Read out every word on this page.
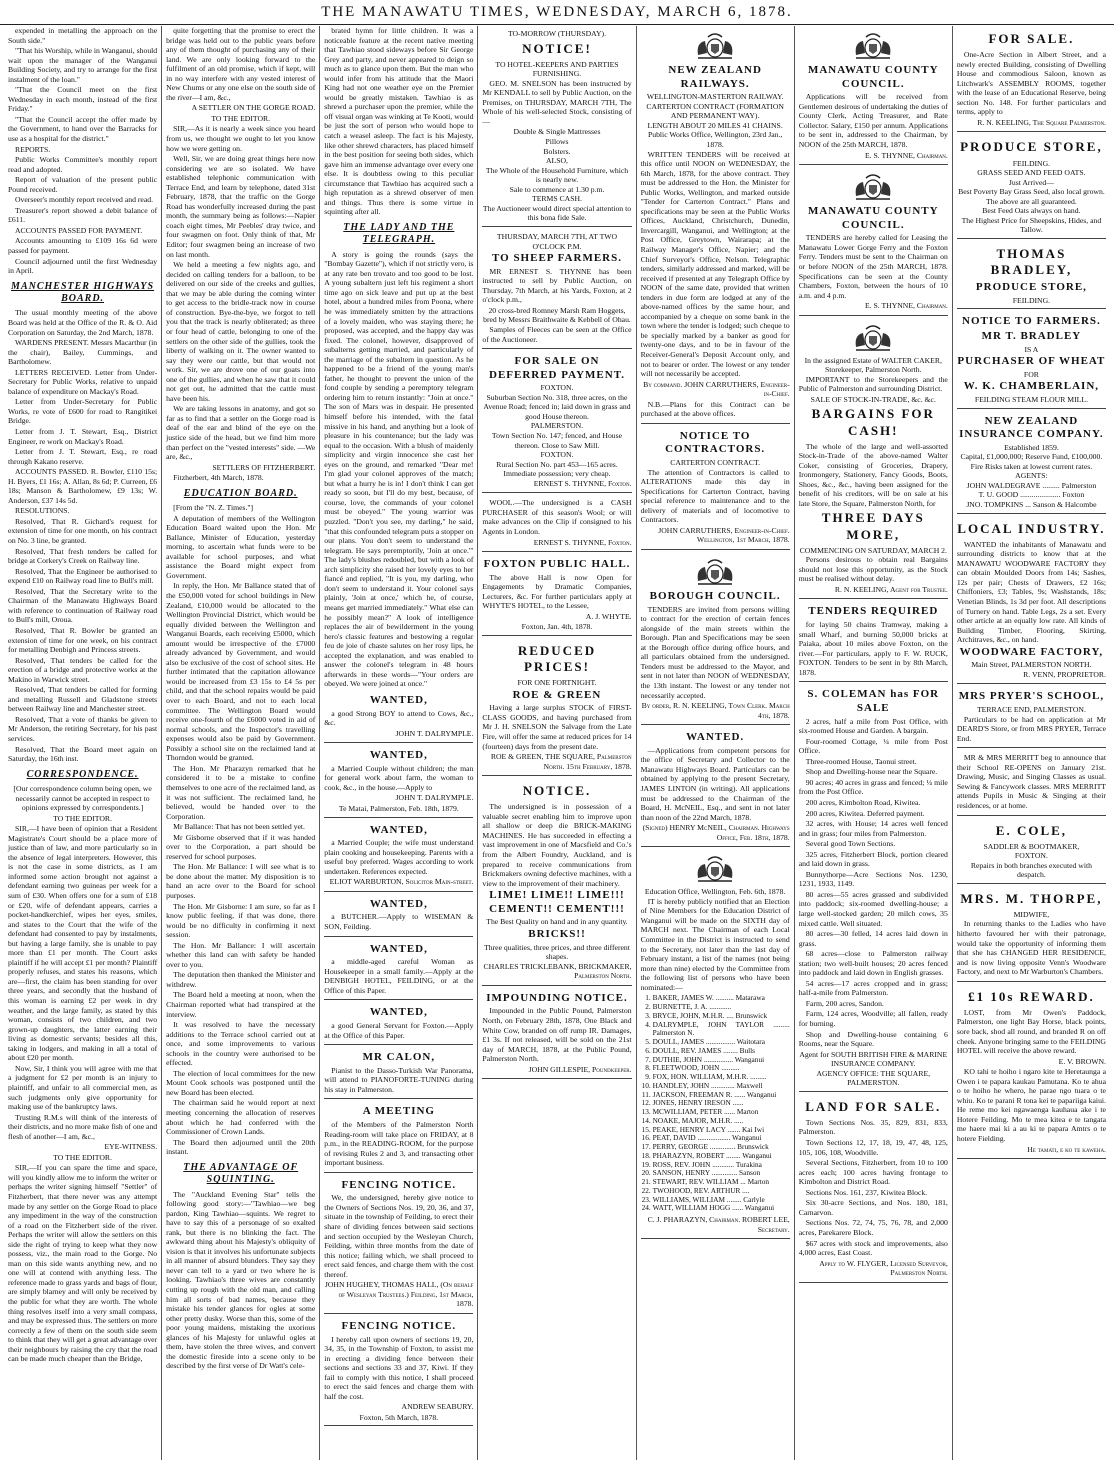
THE MANAWATU TIMES, WEDNESDAY, MARCH 6, 1878.

expended in metalling the approach on the South side."

"That his Worship, while in Wanganui, should wait upon the manager of the Wanganui Building Society, and try to arrange for the first instalment of the loan."

"That the Council meet on the first Wednesday in each month, instead of the first Friday."

"That the Council accept the offer made by the Government, to hand over the Barracks for use as a hospital for the district."

REPORTS.

Public Works Committee's monthly report read and adopted.

Report of valuation of the present public Pound received.

Overseer's monthly report received and read.

Treasurer's report showed a debit balance of £611.

ACCOUNTS PASSED FOR PAYMENT.

Accounts amounting to £109 16s 6d were passed for payment.

Council adjourned until the first Wednesday in April.

MANCHESTER HIGHWAYS BOARD.

The usual monthly meeting of the above Board was held at the Office of the R. & O. Aid Corporation on Saturday, the 2nd March, 1878.

WARDENS PRESENT. Messrs Macarthur (in the chair), Bailey, Cummings, and Bartholomew.

LETTERS RECEIVED. Letter from Under-Secretary for Public Works, relative to unpaid balance of expenditure on Mackay's Road.

Letter from Under-Secretary for Public Works, re vote of £600 for road to Rangitikei Bridge.

Letter from J. T. Stewart, Esq., District Engineer, re work on Mackay's Road.

Letter from J. T. Stewart, Esq., re road through Kakano reserve.

ACCOUNTS PASSED. R. Bowler, £110 15s; H. Byers, £1 16s; A. Allan, 8s 6d; P. Curreen, £6 18s; Manson & Bartholomew, £9 13s; W. Anderson, £37 14s 5d.

RESOLUTIONS.

Resolved, That R. Gichard's request for extension of time for one month, on his contract on No. 3 line, be granted.

Resolved, That fresh tenders be called for bridge at Corkery's Creek on Railway line.

Resolved, That the Engineer be authorised to expend £10 on Railway road line to Bull's mill.

Resolved, That the Secretary write to the Chairman of the Manawatu Highways Board with reference to continuation of Railway road to Bull's mill, Oroua.

Resolved, That R. Bowler be granted an extension of time for one week, on his contract for metalling Denbigh and Princess streets.

Resolved, That tenders be called for the erection of a bridge and protective works at the Makino in Warwick street.

Resolved, That tenders be called for forming and metalling Russell and Gladstone streets between Railway line and Manchester street.

Resolved, That a vote of thanks be given to Mr Anderson, the retiring Secretary, for his past services.

Resolved, That the Board meet again on Saturday, the 16th inst.

CORRESPONDENCE.

[Our correspondence column being open, we necessarily cannot be accepted in respect to opinions expressed by correspondents.]

TO THE EDITOR.

SIR,—I have been of opinion that a Resident Magistrate's Court should be a place more of justice than of law, and more particularly so in the absence of legal interpreters. However, this is not the case in some districts, as I am informed some action brought not against a defendant earning two guineas per week for a sum of £30. When offers one for a sum of £18 or £20, wife of defendant appears, carries a pocket-handkerchief, wipes her eyes, smiles, and states to the Court that the wife of the defendant had consented to pay by instalments, but having a large family, she is unable to pay more than £1 per month. The Court asks plaintiff if he will accept £1 per month? Plaintiff properly refuses, and states his reasons, which are—first, the claim has been standing for over three years, and secondly that the husband of this woman is earning £2 per week in dry weather, and the large family, as stated by this woman, consists of two children, and two grown-up daughters, the latter earning their living as domestic servants; besides all this, taking in lodgers, and making in all a total of about £20 per month.

Now, Sir, I think you will agree with me that a judgment for £2 per month is an injury to plaintiff, and unfair to all commercial men, as such judgments only give opportunity for making use of the bankruptcy laws.

Trusting R.M.s will think of the interests of their districts, and no more make fish of one and flesh of another—I am, &c.,

EYE-WITNESS.

TO THE EDITOR.

SIR,—If you can spare the time and space, will you kindly allow me to inform the writer or perhaps the writer signing himself "Settler" of Fitzherbert, that there never was any attempt made by any settler on the Gorge Road to place any impediment in the way of the construction of a road on the Fitzherbert side of the river. Perhaps the writer will allow the settlers on this side the right of trying to keep what they now possess, viz., the main road to the Gorge. No man on this side wants anything new, and no one will at contend with anything less. The reference made to grass yards and bags of flour, are simply blarney and will only be received by the public for what they are worth. The whole thing resolves itself into a very small compass, and may be expressed thus. The settlers on more correctly a few of them on the south side seem to think that they will get a great advantage over their neighbours by raising the cry that the road can be made much cheaper than the Bridge,

quite forgetting that the promise to erect the bridge was held out to the public years before any of them thought of purchasing any of their land. We are only looking forward to the fulfilment of an old promise, which if kept, will in no way interfere with any vested interest of New Chums or any one else on the south side of the river—I am, &c.,

A SETTLER ON THE GORGE ROAD.

TO THE EDITOR.

SIR,—As it is nearly a week since you heard from us, we thought we ought to let you know how we were getting on.

Well, Sir, we are doing great things here now considering we are so isolated. We have established telephonic communication with Terrace End, and learn by telephone, dated 31st February, 1878, that the traffic on the Gorge Road has wonderfully increased during the past month, the summary being as follows:—Napier coach eight times, Mr Peebles' dray twice, and four swagmen on foot. Only think of that, Mr Editor; four swagmen being an increase of two on last month.

We held a meeting a few nights ago, and decided on calling tenders for a balloon, to be delivered on our side of the creeks and gullies, that we may be able during the coming winter to get access to the bridle-track now in course of construction. Bye-the-bye, we forgot to tell you that the track is nearly obliterated; as three or four head of cattle, belonging to one of the settlers on the other side of the gullies, took the liberty of walking on it. The owner wanted to say they were our cattle, but that would not work. Sir, we are drove one of our goats into one of the gullies, and when he saw that it could not get out, he admitted that the cattle must have been his.

We are taking lessons in anatomy, and got so far as to find that a settler on the Gorge road is deaf of the ear and blind of the eye on the justice side of the head, but we find him more than perfect on the "vested interests" side. —We are, &c.,

SETTLERS OF FITZHERBERT.

Fitzherbert, 4th March, 1878.

EDUCATION BOARD.

[From the "N. Z. Times."]

A deputation of members of the Wellington Education Board waited upon the Hon. Mr Ballance, Minister of Education, yesterday morning, to ascertain what funds were to be available for school purposes, and what assistance the Board might expect from Government.

In reply, the Hon. Mr Ballance stated that of the £50,000 voted for school buildings in New Zealand, £10,000 would be allocated to the Wellington Provincial District, which would be equally divided between the Wellington and Wanganui Boards, each receiving £5000, which amount would be irrespective of the £7000 already advanced by Government, and would also be exclusive of the cost of school sites. He further intimated that the capitation allowance would be increased from £3 15s to £4 5s per child, and that the school repairs would be paid over to each Board, and not to each local committee. The Wellington Board would receive one-fourth of the £6000 voted in aid of normal schools, and the Inspector's travelling expenses would also be paid by Government. Possibly a school site on the reclaimed land at Thorndon would be granted.

The Hon. Mr Pharazyn remarked that he considered it to be a mistake to confine themselves to one acre of the reclaimed land, as it was not sufficient. The reclaimed land, he believed, would be handed over to the Corporation.

Mr Ballance: That has not been settled yet.

Mr Gisborne observed that if it was handed over to the Corporation, a part should be reserved for school purposes.

The Hon. Mr Ballance: I will see what is to be done about the matter. My disposition is to hand an acre over to the Board for school purposes.

The Hon. Mr Gisborne: I am sure, so far as I know public feeling, if that was done, there would be no difficulty in confirming it next session.

The Hon. Mr Ballance: I will ascertain whether this land can with safety be handed over to you.

The deputation then thanked the Minister and withdrew.

The Board held a meeting at noon, when the Chairman reported what had transpired at the interview.

It was resolved to have the necessary additions to the Terrace school carried out at once, and some improvements to various schools in the country were authorised to be effected.

The election of local committees for the new Mount Cook schools was postponed until the new Board has been elected.

The chairman said he would report at next meeting concerning the allocation of reserves about which he had conferred with the Commissioner of Crown Lands.

The Board then adjourned until the 20th instant.

THE ADVANTAGE OF SQUINTING.

The "Auckland Evening Star" tells the following good story:—"Tawhiao—we beg pardon, King Tawhiao—squints. We regret to have to say this of a personage of so exalted rank, but there is no blinking the fact. The awkward thing about his Majesty's obliquity of vision is that it involves his unfortunate subjects in all manner of absurd blunders. They say they never can tell to a yard or two where he is looking. Tawhiao's three wives are constantly cutting up rough with the old man, and calling him all sorts of bad names, because they mistake his tender glances for ogles at some other pretty dusky. Worse than this, some of the poor young maidens, mistaking the uxorious glances of his Majesty for unlawful ogles at them, have stolen the three wives, and convert the domestic fireside into a scene only to be described by the first verse of Dr Watt's cele-

brated hymn for little children. It was a noticeable feature at the recent native meeting that Tawhiao stood sideways before Sir George Grey and party, and never appeared to deign so much as to glance upon them. But the man who would infer from his attitude that the Maori King had not one weather eye on the Premier would be greatly mistaken. Tawhiao is as shrewd a purchaser upon the premier, while the off visual organ was winking at Te Kooti, would be just the sort of person who would hope to catch a weasel asleep. The fact is his Majesty, like other shrewd characters, has placed himself in the best position for seeing both sides, which gave him an immense advantage over every one else. It is doubtless owing to this peculiar circumstance that Tawhiao has acquired such a high reputation as a shrewd observer of men and things. Thus there is some virtue in squinting after all.

THE LADY AND THE TELEGRAPH.

A story is going the rounds (says the "Bombay Gazette"), which if not strictly vero, is at any rate ben trovato and too good to be lost. A young subaltern just left his regiment a short time ago on sick leave and put up at the best hotel, about a hundred miles from Poona, where he was immediately smitten by the attractions of a lovely maiden, who was staying there; he proposed, was accepted, and the happy day was fixed. The colonel, however, disapproved of subalterns getting married, and particularly of the marriage of the subaltern in question. As he happened to be a friend of the young man's father, he thought to prevent the union of the fond couple by sending a peremptory telegram ordering him to return instantly: "Join at once." The son of Mars was in despair. He presented himself before his intended, with the fatal missive in his hand, and anything but a look of pleasure in his countenance; but the lady was equal to the occasion. With a blush of maidenly simplicity and virgin innocence she cast her eyes on the ground, and remarked "Dear me! I'm glad your colonel approves of the match; but what a hurry he is in! I don't think I can get ready so soon, but I'll do my best, because, of course, love, the commands of your colonel must be obeyed." The young warrior was puzzled. "Don't you see, my darling," he said, "that this confounded telegram puts a stopper on our plans. You don't seem to understand the telegram. He says peremptorily, 'Join at once.'" The lady's blushes redoubled, but with a look of arch simplicity she raised her lovely eyes to her fiancé and replied, "It is you, my darling, who don't seem to understand it. Your colonel says plainly, 'Join at once,' which he, of course, means get married immediately." What else can he possibly mean?" A look of intelligence replaces the air of bewilderment in the young hero's classic features and bestowing a regular feu de joie of chaste salutes on her rosy lips, he accepted the explanation, and was enabled to answer the colonel's telegram in 48 hours afterwards in these words—"Your orders are obeyed. We were joined at once."

WANTED,

a good Strong BOY to attend to Cows, &c., &c.

JOHN T. DALRYMPLE.

WANTED,

a Married Couple without children; the man for general work about farm, the woman to cook, &c., in the house.—Apply to

JOHN T. DALRYMPLE.

Te Matai, Palmerston, Feb. 18th, 1879.

WANTED,

a Married Couple; the wife must understand plain cooking and housekeeping. Parents with a useful boy preferred. Wages according to work undertaken. References expected.

ELIOT WARBURTON, Solicitor Main-street.

WANTED,

a BUTCHER.—Apply to WISEMAN & SON, Feilding.

WANTED,

a middle-aged careful Woman as Housekeeper in a small family.—Apply at the DENBIGH HOTEL, FEILDING, or at the Office of this Paper.

WANTED,

a good General Servant for Foxton.—Apply at the Office of this Paper.

MR CALON,

Pianist to the Dasso-Turkish War Panorama, will attend to PIANOFORTE-TUNING during his stay in Palmerston.

A MEETING

of the Members of the Palmerston North Reading-room will take place on FRIDAY, at 8 p.m., in the READING-ROOM, for the purpose of revising Rules 2 and 3, and transacting other important business.

FENCING NOTICE.

We, the undersigned, hereby give notice to the Owners of Sections Nos. 19, 20, 36, and 37, situate in the township of Feilding, to erect their share of dividing fences between said sections and section occupied by the Wesleyan Church, Feilding, within three months from the date of this notice; failing which, we shall proceed to erect said fences, and charge them with the cost thereof.

JOHN HUGHEY, THOMAS HALL, (On behalf of Wesleyan Trustees.) Feilding, 1st March, 1878.

FENCING NOTICE.

I hereby call upon owners of sections 19, 20, 34, 35, in the Township of Foxton, to assist me in erecting a dividing fence between their sections and sections 33 and 37, Kiwi. If they fail to comply with this notice, I shall proceed to erect the said fences and charge them with half the cost.

ANDREW SEABURY.

Foxton, 5th March, 1878.

TO-MORROW (THURSDAY).

NOTICE!

TO HOTEL-KEEPERS AND PARTIES FURNISHING.

GEO. M. SNELSON has been instructed by Mr KENDALL to sell by Public Auction, on the Premises, on THURSDAY, MARCH 7TH, The Whole of his well-selected Stock, consisting of—

Double & Single Mattresses

Pillows

Bolsters.

ALSO,

The Whole of the Household Furniture, which is nearly new.

Sale to commence at 1.30 p.m.

TERMS CASH.

The Auctioneer would direct special attention to this bona fide Sale.

THURSDAY, MARCH 7TH, AT TWO O'CLOCK P.M.

TO SHEEP FARMERS.

MR ERNEST S. THYNNE has been instructed to sell by Public Auction, on Thursday, 7th March, at his Yards, Foxton, at 2 o'clock p.m.,

20 cross-bred Romney Marsh Ram Hoggets, bred by Messrs Braithwaite & Kebbell of Ohau.

Samples of Fleeces can be seen at the Office of the Auctioneer.

FOR SALE ON DEFERRED PAYMENT.

FOXTON.

Suburban Section No. 318, three acres, on the Avenue Road; fenced in; laid down in grass and good House thereon.

PALMERSTON.

Town Section No. 147; fenced, and House thereon. Close to Saw Mill.

FOXTON.

Rural Section No. part 453—165 acres. Immediate possession; very cheap.

ERNEST S. THYNNE, Foxton.

WOOL.—The undersigned is a CASH PURCHASER of this season's Wool; or will make advances on the Clip if consigned to his Agents in London.

ERNEST S. THYNNE, Foxton.

FOXTON PUBLIC HALL.

The above Hall is now Open for Engagements by Dramatic Companies, Lecturers, &c. For further particulars apply at WHYTE'S HOTEL, to the Lessee,

A. J. WHYTE.

Foxton, Jan. 4th, 1878.

REDUCED PRICES!

FOR ONE FORTNIGHT.

ROE & GREEN

Having a large surplus STOCK of FIRST-CLASS GOODS, and having purchased from Mr J. H. SNELSON the Salvage from the Late Fire, will offer the same at reduced prices for 14 (fourteen) days from the present date.

ROE & GREEN, THE SQUARE, Palmerston North. 15th February, 1878.

NOTICE.

The undersigned is in possession of a valuable secret enabling him to improve upon all shallow or deep die BRICK-MAKING MACHINES. He has succeeded in effecting a vast improvement in one of Macsfield and Co.'s from the Albert Foundry, Auckland, and is prepared to receive communications from Brickmakers owning defective machines, with a view to the improvement of their machinery.

LIME! LIME!! LIME!!! CEMENT!! CEMENT!!!

The Best Quality on hand and in any quantity.

BRICKS!!

Three qualities, three prices, and three different shapes.

CHARLES TRICKLEBANK, BRICKMAKER, Palmerston North.

IMPOUNDING NOTICE.

Impounded in the Public Pound, Palmerston North, on February 28th, 1878, One Black and White Cow, branded on off rump IR. Damages, £1 3s. If not released, will be sold on the 21st day of MARCH, 1878, at the Public Pound, Palmerston North.

JOHN GILLESPIE, Poundkeeper.

NEW ZEALAND RAILWAYS.

WELLINGTON-MASTERTON RAILWAY.

CARTERTON CONTRACT (FORMATION AND PERMANENT WAY).

LENGTH ABOUT 20 MILES 41 CHAINS.

Public Works Office, Wellington, 23rd Jan., 1878.

WRITTEN TENDERS will be received at this office until NOON on WEDNESDAY, the 6th March, 1878, for the above contract. They must be addressed to the Hon. the Minister for Public Works, Wellington, and marked outside "Tender for Carterton Contract." Plans and specifications may be seen at the Public Works Offices, Auckland, Christchurch, Dunedin, Invercargill, Wanganui, and Wellington; at the Post Office, Greytown, Wairarapa; at the Railway Manager's Office, Napier; and the Chief Surveyor's Office, Nelson. Telegraphic tenders, similarly addressed and marked, will be received if presented at any Telegraph Office by NOON of the same date, provided that written tenders in due form are lodged at any of the above-named offices by the same hour, and accompanied by a cheque on some bank in the town where the tender is lodged; such cheque to be specially marked by a banker as good for twenty-one days, and to be in favour of the Receiver-General's Deposit Account only, and not to bearer or order. The lowest or any tender will not necessarily be accepted.

By command. JOHN CARRUTHERS, Engineer-in-Chief.

N.B.—Plans for this Contract can be purchased at the above offices.

NOTICE TO CONTRACTORS.

CARTERTON CONTRACT.

The attention of Contractors is called to ALTERATIONS made this day in Specifications for Carterton Contract, having special reference to maintenance and to the delivery of materials and of locomotive to Contractors.

JOHN CARRUTHERS, Engineer-in-Chief. Wellington, 1st March, 1878.

BOROUGH COUNCIL.

TENDERS are invited from persons willing to contract for the erection of certain fences alongside of the main streets within the Borough. Plan and Specifications may be seen at the Borough office during office hours, and all particulars obtained from the undersigned. Tenders must be addressed to the Mayor, and sent in not later than NOON of WEDNESDAY, the 13th instant. The lowest or any tender not necessarily accepted.

By order, R. N. KEELING, Town Clerk. March 4th, 1878.

WANTED.

—Applications from competent persons for the office of Secretary and Collector to the Manawatu Highways Board. Particulars can be obtained by applying to the present Secretary, JAMES LINTON (in writing). All applications must be addressed to the Chairman of the Board, H. McNEIL, Esq., and sent in not later than noon of the 22nd March, 1878.

(Signed) HENRY McNEIL, Chairman. Highways Office, Feb. 18th, 1878.

Education Office, Wellington, Feb. 6th, 1878.

IT is hereby publicly notified that an Election of Nine Members for the Education District of Wanganui will be made on the SIXTH day of MARCH next. The Chairman of each Local Committee in the District is instructed to send to the Secretary, not later than the last day of February instant, a list of the names (not being more than nine) elected by the Committee from the following list of persons who have been nominated:—

1. BAKER, JAMES W. .......... Matarawa
2. BURNETTE, J. A. ............
3. BRYCE, JOHN, M.H.R. .... Brunswick
4. DALRYMPLE, JOHN TAYLOR ......... Palmerston N.
5. DOULL, JAMES ................ Waitotara
6. DOULL, REV. JAMES ........ Bulls
7. DUTHIE, JOHN ................ Wanganui
8. FLEETWOOD, JOHN ..........
9. FOX, HON. WILLIAM, M.H.R. .........
10. HANDLEY, JOHN ............. Maxwell
11. JACKSON, FREEMAN R. ...... Wanganui
12. JONES, HENRY IRESON ......
13. MCWILLIAM, PETER ...... Marton
14. NOAKE, MAJOR, M.H.R. .....
15. PEAKE, HENRY LACY ....... Kai Iwi
16. PEAT, DAVID .................. Wanganui
17. PERRY, GEORGE .............. Brunswick
18. PHARAZYN, ROBERT ........ Wanganui
19. ROSS, REV. JOHN ............ Turakina
20. SANSON, HENRY .............. Sanson
21. STEWART, REV. WILLIAM ... Marton
22. TWOHOOD, REV. ARTHUR ....
23. WILLIAMS, WILLIAM ........ Carlyle
24. WATT, WILLIAM HOGG ...... Wanganui

C. J. PHARAZYN, Chairman. ROBERT LEE, Secretary.

MANAWATU COUNTY COUNCIL.

Applications will be received from Gentlemen desirous of undertaking the duties of County Clerk, Acting Treasurer, and Rate Collector. Salary, £150 per annum. Applications to be sent in, addressed to the Chairman, by NOON of the 25th MARCH, 1878.

E. S. THYNNE, Chairman.

MANAWATU COUNTY COUNCIL.

TENDERS are hereby called for Leasing the Manawatu Lower Gorge Ferry and the Foxton Ferry. Tenders must be sent to the Chairman on or before NOON of the 25th MARCH, 1878. Specifications can be seen at the County Chambers, Foxton, between the hours of 10 a.m. and 4 p.m.

E. S. THYNNE, Chairman.

In the assigned Estate of WALTER CAKER, Storekeeper, Palmerston North.

IMPORTANT to the Storekeepers and the Public of Palmerston and surrounding District.

SALE OF STOCK-IN-TRADE, &c. &c.

BARGAINS FOR CASH!

The whole of the large and well-assorted Stock-in-Trade of the above-named Walter Coker, consisting of Groceries, Drapery, Ironmongery, Stationery, Fancy Goods, Boots, Shoes, &c., &c., having been assigned for the benefit of his creditors, will be on sale at his late Store, the Square, Palmerston North, for

THREE DAYS MORE,

COMMENCING ON SATURDAY, MARCH 2.

Persons desirous to obtain real Bargains should not lose this opportunity, as the Stock must be realised without delay.

R. N. KEELING, Agent for Trustee.

TENDERS REQUIRED

for laying 50 chains Tramway, making a small Wharf, and burning 50,000 bricks at Paiaka, about 10 miles above Foxton, on the river.—For particulars, apply to F. W. RUCK, FOXTON. Tenders to be sent in by 8th March, 1878.

S. COLEMAN has FOR SALE

2 acres, half a mile from Post Office, with six-roomed House and Garden. A bargain.

Four-roomed Cottage, ¼ mile from Post Office.

Three-roomed House, Taonui street.

Shop and Dwelling-house near the Square.

90 acres; 40 acres in grass and fenced; ¼ mile from the Post Office.

200 acres, Kimbolton Road, Kiwitea.

200 acres, Kiwitea. Deferred payment.

32 acres, with House; 14 acres well fenced and in grass; four miles from Palmerston.

Several good Town Sections.

325 acres, Fitzherbert Block, portion cleared and laid down in grass.

Bunnythorpe—Acre Sections Nos. 1230, 1231, 1933, 1149.

80 acres—55 acres grassed and subdivided into paddock; six-roomed dwelling-house; a large well-stocked garden; 20 milch cows, 35 mixed cattle. Well situated.

80 acres—30 felled, 14 acres laid down in grass.

68 acres—close to Palmerston railway station; two well-built houses; 20 acres fenced into paddock and laid down in English grasses.

54 acres—17 acres cropped and in grass; half-a-mile from Palmerston.

Farm, 200 acres, Sandon.

Farm, 124 acres, Woodville; all fallen, ready for burning.

Shop and Dwelling-house containing 6 Rooms, near the Square.

Agent for SOUTH BRITISH FIRE & MARINE INSURANCE COMPANY.

AGENCY OFFICE: THE SQUARE, PALMERSTON.

LAND FOR SALE.

Town Sections Nos. 35, 829, 831, 833, Palmerston.

Town Sections 12, 17, 18, 19, 47, 48, 125, 105, 106, 108, Woodville.

Several Sections, Fitzherbert, from 10 to 100 acres each; 100 acres having frontage to Kimbolton and District Road.

Sections Nos. 161, 237, Kiwitea Block.

Six 30-acre Sections, and Nos. 180, 181, Carnarvon.

Sections Nos. 72, 74, 75, 76, 78, and 2,000 acres, Parekarere Block.

$67 acres with stock and improvements, also 4,000 acres, East Coast.

Apply to W. FLYGER, Licensed Surveyor, Palmerston North.

FOR SALE.

One-Acre Section in Albert Street, and a newly erected Building, consisting of Dwelling House and commodious Saloon, known as Litchwark's ASSEMBLY ROOMS, together with the lease of an Educational Reserve, being section No. 148. For further particulars and terms, apply to

R. N. KEELING, The Square Palmerston.

PRODUCE STORE,

FEILDING.

GRASS SEED AND FEED OATS.

Just Arrived—

Best Poverty Bay Grass Seed, also local grown.

The above are all guaranteed.

Best Feed Oats always on hand.

The Highest Price for Sheepskins, Hides, and Tallow.

THOMAS BRADLEY,
PRODUCE STORE,

FEILDING.

NOTICE TO FARMERS.
MR T. BRADLEY

IS A

PURCHASER OF WHEAT

FOR

W. K. CHAMBERLAIN,

FEILDING STEAM FLOUR MILL.

NEW ZEALAND INSURANCE COMPANY.

Established 1859.

Capital, £1,000,000; Reserve Fund, £100,000.

Fire Risks taken at lowest current rates.

AGENTS:

JOHN WALDEGRAVE ......... Palmerston

T. U. GOOD ..................... Foxton

JNO. TOMPKINS ... Sanson & Halcombe

LOCAL INDUSTRY.

WANTED the inhabitants of Manawatu and surrounding districts to know that at the MANAWATU WOODWARE FACTORY they can obtain Moulded Doors from 14s; Sashes, 12s per pair; Chests of Drawers, £2 16s; Chiffoniers, £3; Tables, 9s; Washstands, 18s; Venetian Blinds, 1s 3d per foot. All descriptions of Turnery on hand. Table Legs, 2s a set. Every other article at an equally low rate. All kinds of Building Timber, Flooring, Skirting, Architraves, &c., on hand.

WOODWARE FACTORY,

Main Street, PALMERSTON NORTH.

R. VENN, PROPRIETOR.

MRS PRYER'S SCHOOL,

TERRACE END, PALMERSTON.

Particulars to be had on application at Mr DEARD'S Store, or from MRS PRYER, Terrace End.

MR & MRS MERRITT beg to announce that their School RE-OPENS on January 21st. Drawing, Music, and Singing Classes as usual. Sewing & Fancywork classes. MRS MERRITT attends Pupils in Music & Singing at their residences, or at home.

E. COLE,

SADDLER & BOOTMAKER,

FOXTON.

Repairs in both branches executed with despatch.

MRS. M. THORPE,

MIDWIFE,

In returning thanks to the Ladies who have hitherto favoured her with their patronage, would take the opportunity of informing them that she has CHANGED HER RESIDENCE, and is now living opposite Venn's Woodware Factory, and next to Mr Warburton's Chambers.

£1 10s REWARD.

LOST, from Mr Owen's Paddock, Palmerston, one light Bay Horse, black points, sore back, shod all round, and branded R on off cheek. Anyone bringing same to the FEILDING HOTEL will receive the above reward.

E. V. BROWN.

KO tahi te hoiho i ngaro kite te Heretaunga a Owen i te papara kaukau Pamutana. Ko te ahua o te hoiho he whero, he parae ngo tuara o te whiu. Ko te parani R tona kei te papariiga kaiui. He reme mo kei ngawaenga kauhaua ake i te Hotere Feilding. Mo te mea kitea e te tangata me haere mai ki a au ki te papara Amtrs o te hotere Fielding.

He tamati, e ko te kaweha.
